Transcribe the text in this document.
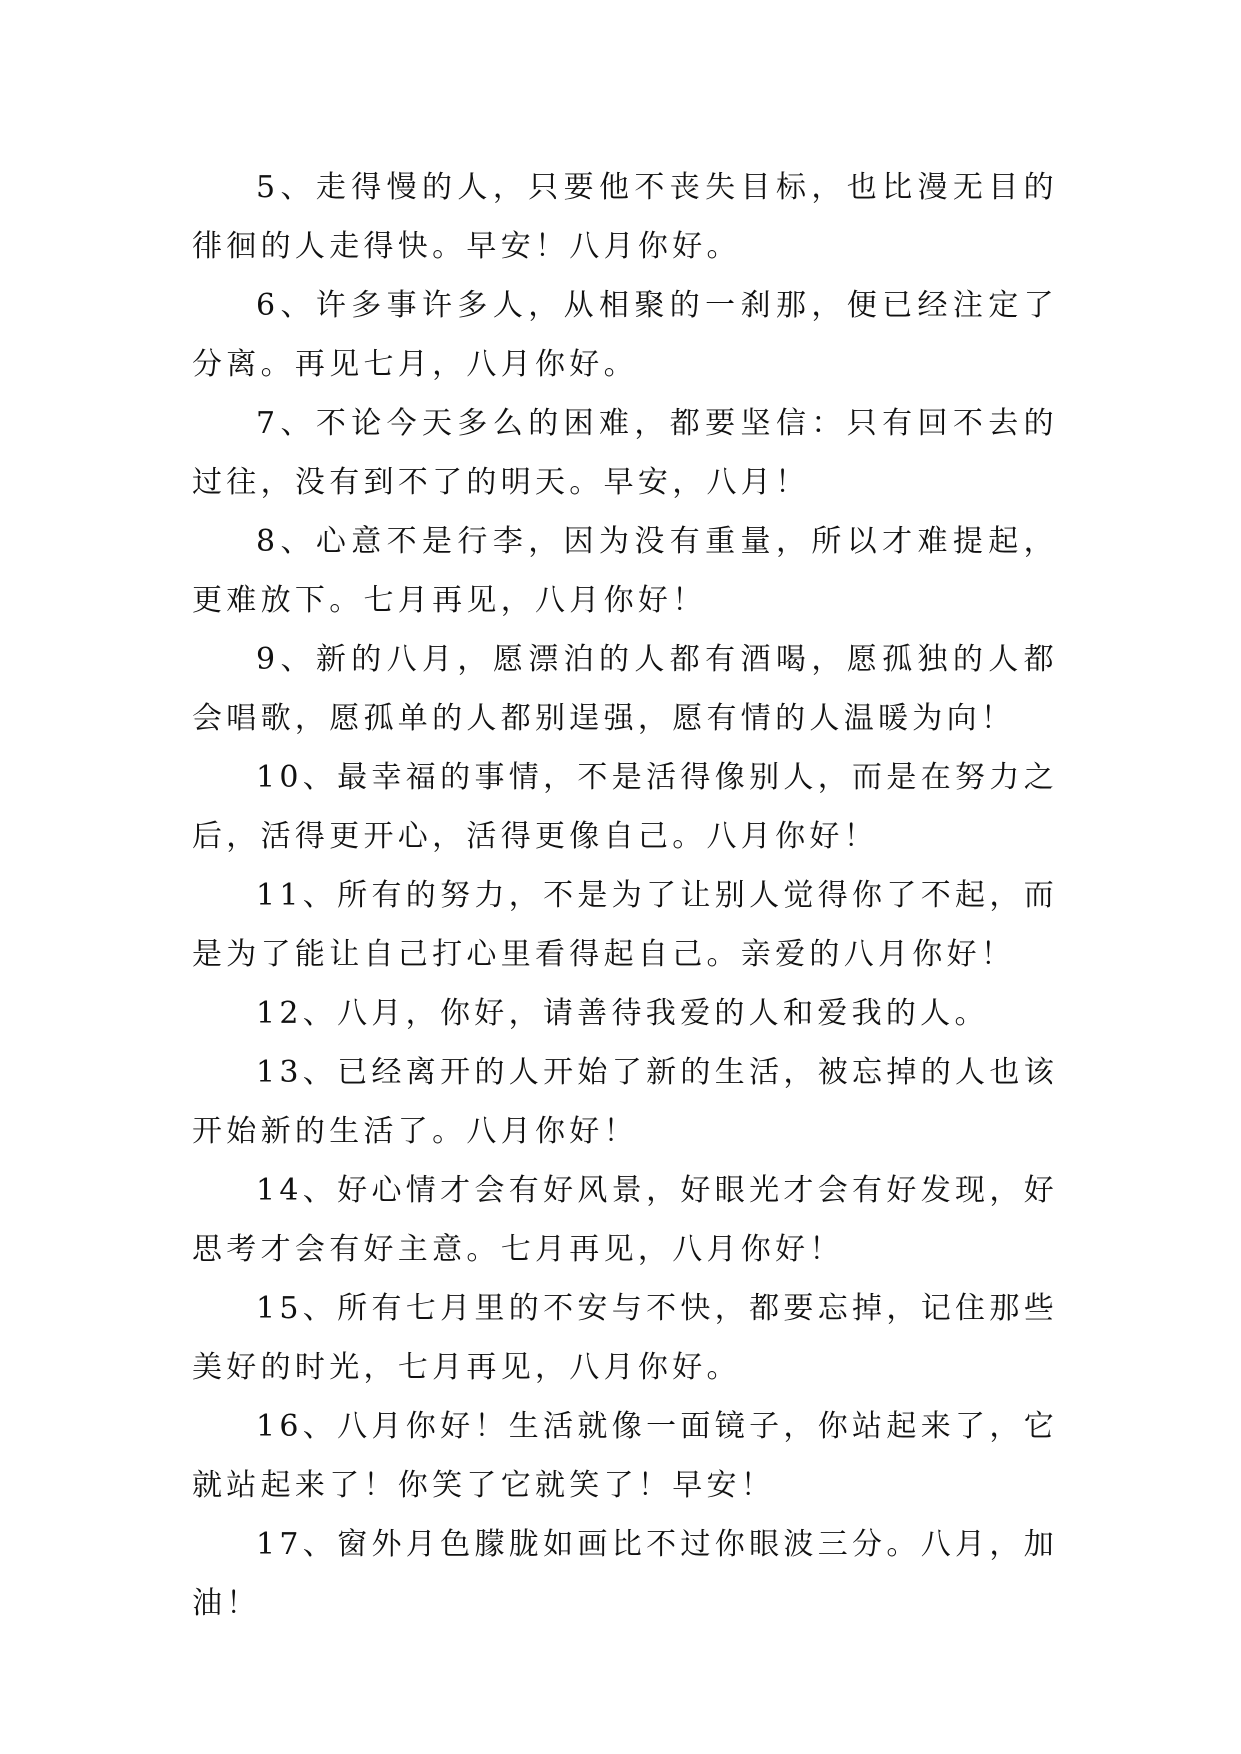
5、走得慢的人，只要他不丧失目标，也比漫无目的徘徊的人走得快。早安！八月你好。

6、许多事许多人，从相聚的一刹那，便已经注定了分离。再见七月，八月你好。

7、不论今天多么的困难，都要坚信：只有回不去的过往，没有到不了的明天。早安，八月！

8、心意不是行李，因为没有重量，所以才难提起，更难放下。七月再见，八月你好！

9、新的八月，愿漂泊的人都有酒喝，愿孤独的人都会唱歌，愿孤单的人都别逞强，愿有情的人温暖为向！

10、最幸福的事情，不是活得像别人，而是在努力之后，活得更开心，活得更像自己。八月你好！

11、所有的努力，不是为了让别人觉得你了不起，而是为了能让自己打心里看得起自己。亲爱的八月你好！

12、八月，你好，请善待我爱的人和爱我的人。

13、已经离开的人开始了新的生活，被忘掉的人也该开始新的生活了。八月你好！

14、好心情才会有好风景，好眼光才会有好发现，好思考才会有好主意。七月再见，八月你好！

15、所有七月里的不安与不快，都要忘掉，记住那些美好的时光，七月再见，八月你好。

16、八月你好！生活就像一面镜子，你站起来了，它就站起来了！你笑了它就笑了！早安！

17、窗外月色朦胧如画比不过你眼波三分。八月，加油！
